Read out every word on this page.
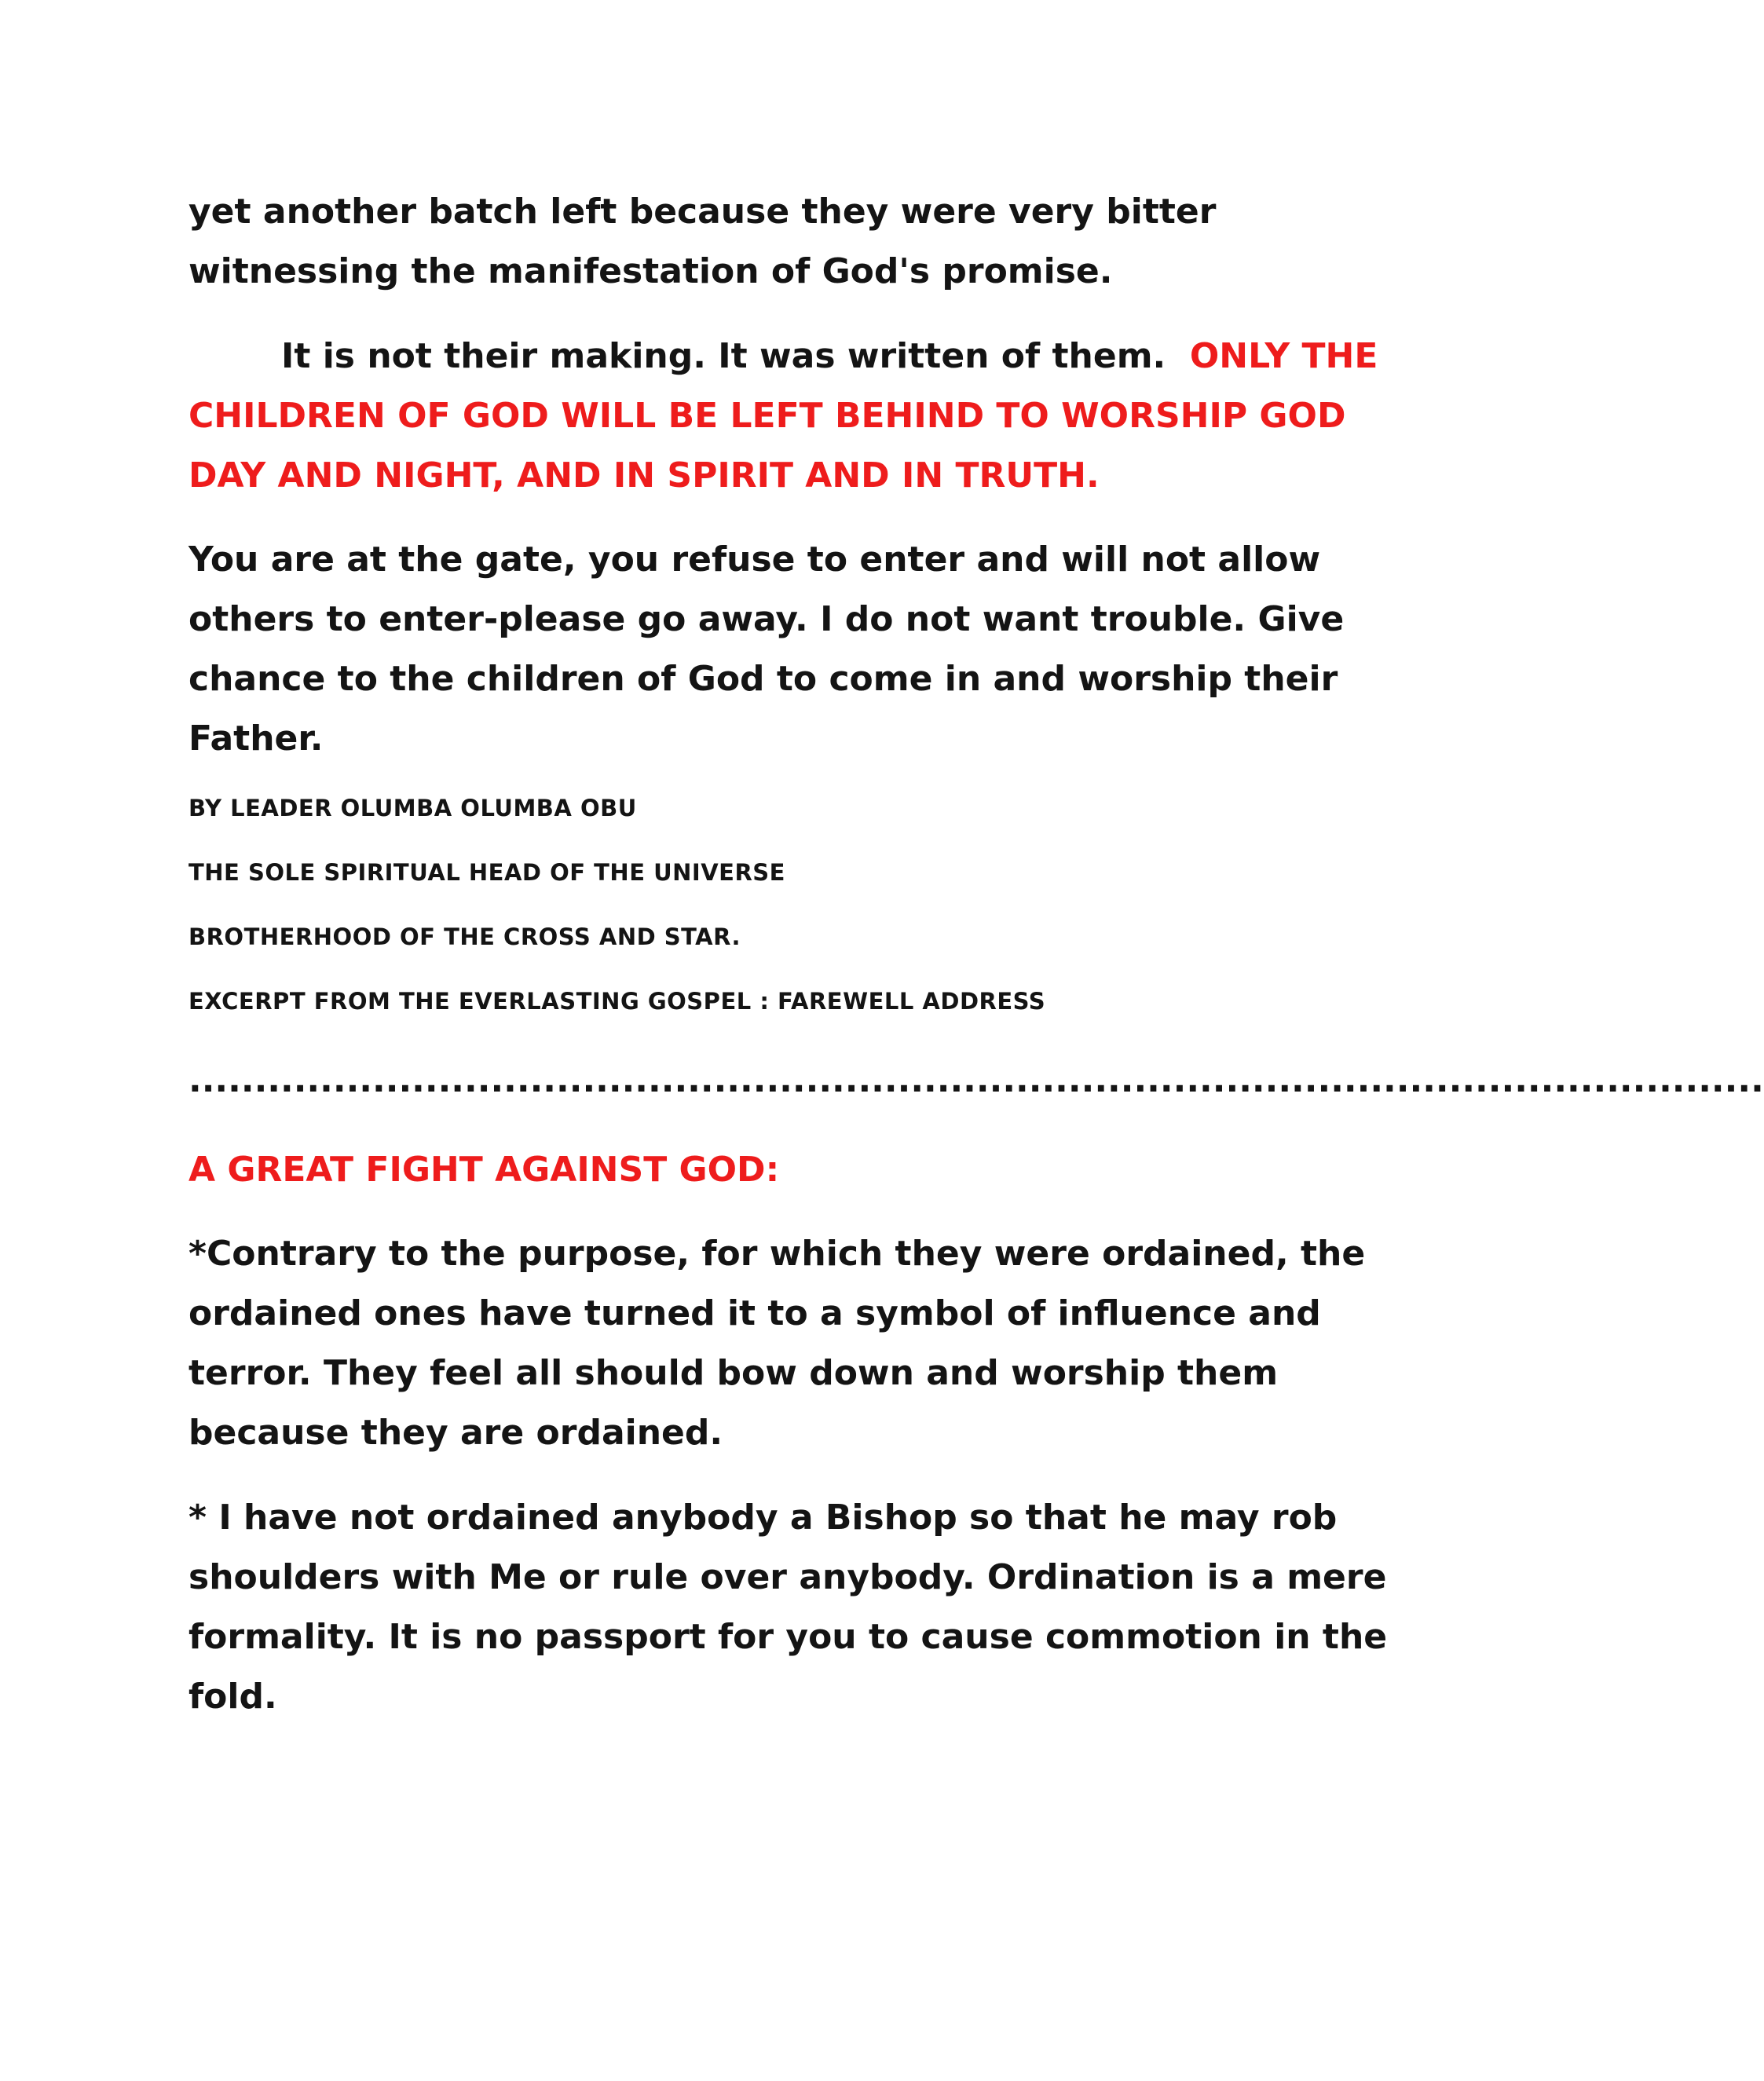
yet another batch left because they were very bitter witnessing the manifestation of God's promise.

It is not their making. It was written of them. ONLY THE CHILDREN OF GOD WILL BE LEFT BEHIND TO WORSHIP GOD DAY AND NIGHT, AND IN SPIRIT AND IN TRUTH.

You are at the gate, you refuse to enter and will not allow others to enter-please go away. I do not want trouble. Give chance to the children of God to come in and worship their Father.

BY LEADER OLUMBA OLUMBA OBU

THE SOLE SPIRITUAL HEAD OF THE UNIVERSE

BROTHERHOOD OF THE CROSS AND STAR.

EXCERPT FROM THE EVERLASTING GOSPEL : FAREWELL ADDRESS

........................................................................................................................

A GREAT FIGHT AGAINST GOD:

*Contrary to the purpose, for which they were ordained, the ordained ones have turned it to a symbol of influence and terror. They feel all should bow down and worship them because they are ordained.

* I have not ordained anybody a Bishop so that he may rob shoulders with Me or rule over anybody. Ordination is a mere formality. It is no passport for you to cause commotion in the fold.
